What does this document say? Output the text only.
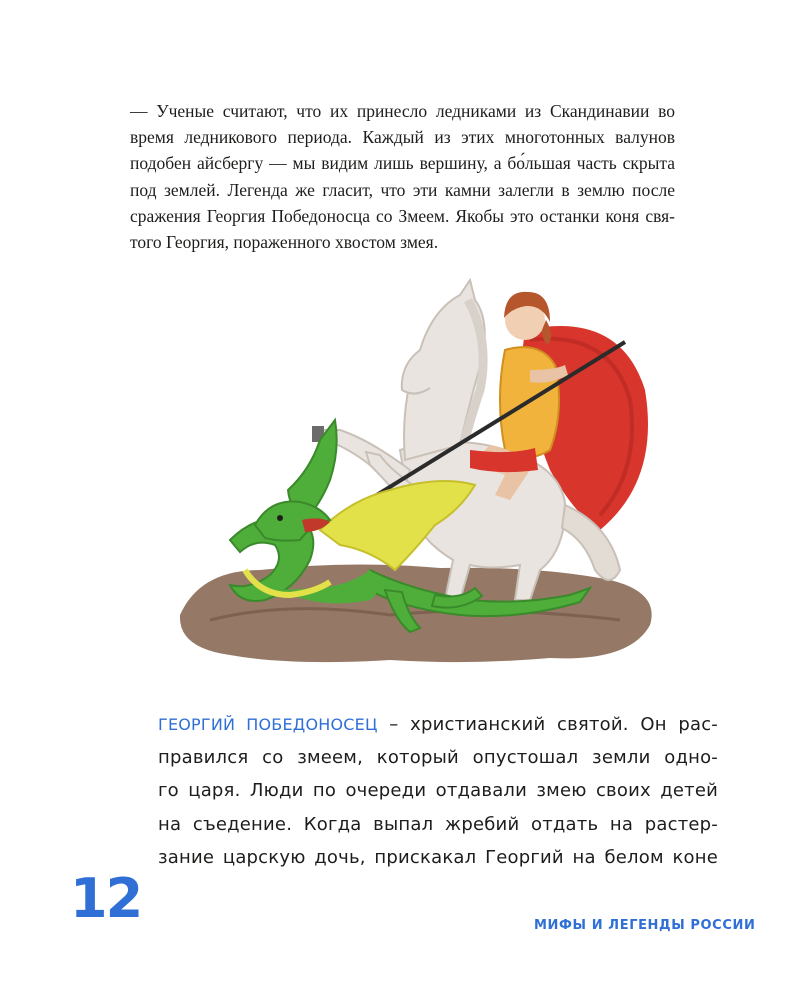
— Ученые считают, что их принесло ледниками из Скандинавии во
время ледникового периода. Каждый из этих многотонных валунов
подобен айсбергу — мы видим лишь вершину, а бо́льшая часть скрыта
под землей. Легенда же гласит, что эти камни залегли в землю после
сражения Георгия Победоносца со Змеем. Якобы это останки коня свя-
того Георгия, пораженного хвостом змея.
ГЕОРГИЙ ПОБЕДОНОСЕЦ – христианский святой. Он рас-
правился со змеем, который опустошал земли одно-
го царя. Люди по очереди отдавали змею своих детей
на съедение. Когда выпал жребий отдать на растер-
зание царскую дочь, прискакал Георгий на белом коне
12	МИФЫ И ЛЕГЕНДЫ РОССИИ
